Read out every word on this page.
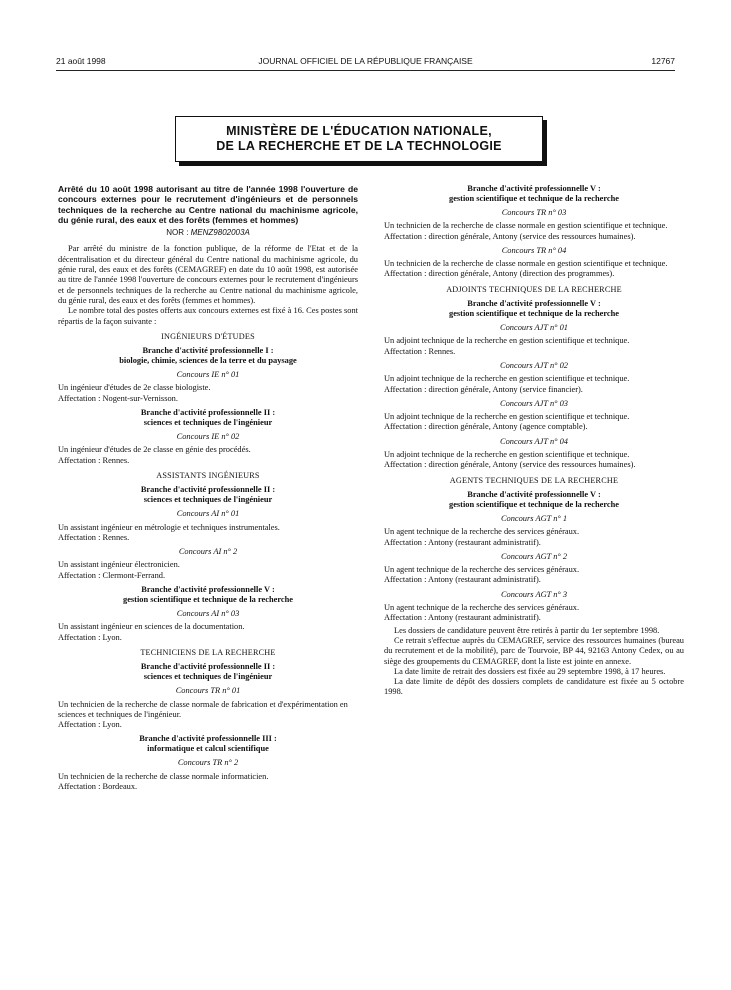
21 août 1998	JOURNAL OFFICIEL DE LA RÉPUBLIQUE FRANÇAISE	12767
MINISTÈRE DE L'ÉDUCATION NATIONALE,
DE LA RECHERCHE ET DE LA TECHNOLOGIE

Arrêté du 10 août 1998 autorisant au titre de l'année 1998 l'ouverture de concours externes pour le recrutement d'ingénieurs et de personnels techniques de la recherche au Centre national du machinisme agricole, du génie rural, des eaux et des forêts (femmes et hommes)

NOR : MENZ9802003A

Par arrêté du ministre de la fonction publique, de la réforme de l'Etat et de la décentralisation et du directeur général du Centre national du machinisme agricole, du génie rural, des eaux et des forêts (CEMAGREF) en date du 10 août 1998, est autorisée au titre de l'année 1998 l'ouverture de concours externes pour le recrutement d'ingénieurs et de personnels techniques de la recherche au Centre national du machinisme agricole, du génie rural, des eaux et des forêts (femmes et hommes).

Le nombre total des postes offerts aux concours externes est fixé à 16. Ces postes sont répartis de la façon suivante :

INGÉNIEURS D'ÉTUDES

Branche d'activité professionnelle I :
biologie, chimie, sciences de la terre et du paysage

Concours IE n° 01

Un ingénieur d'études de 2e classe biologiste.

Affectation : Nogent-sur-Vernisson.

Branche d'activité professionnelle II :
sciences et techniques de l'ingénieur

Concours IE n° 02

Un ingénieur d'études de 2e classe en génie des procédés.

Affectation : Rennes.

ASSISTANTS INGÉNIEURS

Branche d'activité professionnelle II :
sciences et techniques de l'ingénieur

Concours AI n° 01

Un assistant ingénieur en métrologie et techniques instrumentales.

Affectation : Rennes.

Concours AI n° 2

Un assistant ingénieur électronicien.

Affectation : Clermont-Ferrand.

Branche d'activité professionnelle V :
gestion scientifique et technique de la recherche

Concours AI n° 03

Un assistant ingénieur en sciences de la documentation.

Affectation : Lyon.

TECHNICIENS DE LA RECHERCHE

Branche d'activité professionnelle II :
sciences et techniques de l'ingénieur

Concours TR n° 01

Un technicien de la recherche de classe normale de fabrication et d'expérimentation en sciences et techniques de l'ingénieur.

Affectation : Lyon.

Branche d'activité professionnelle III :
informatique et calcul scientifique

Concours TR n° 2

Un technicien de la recherche de classe normale informaticien.

Affectation : Bordeaux.

Branche d'activité professionnelle V :
gestion scientifique et technique de la recherche

Concours TR n° 03

Un technicien de la recherche de classe normale en gestion scientifique et technique.

Affectation : direction générale, Antony (service des ressources humaines).

Concours TR n° 04

Un technicien de la recherche de classe normale en gestion scientifique et technique.

Affectation : direction générale, Antony (direction des programmes).

ADJOINTS TECHNIQUES DE LA RECHERCHE

Branche d'activité professionnelle V :
gestion scientifique et technique de la recherche

Concours AJT n° 01

Un adjoint technique de la recherche en gestion scientifique et technique.

Affectation : Rennes.

Concours AJT n° 02

Un adjoint technique de la recherche en gestion scientifique et technique.

Affectation : direction générale, Antony (service financier).

Concours AJT n° 03

Un adjoint technique de la recherche en gestion scientifique et technique.

Affectation : direction générale, Antony (agence comptable).

Concours AJT n° 04

Un adjoint technique de la recherche en gestion scientifique et technique.

Affectation : direction générale, Antony (service des ressources humaines).

AGENTS TECHNIQUES DE LA RECHERCHE

Branche d'activité professionnelle V :
gestion scientifique et technique de la recherche

Concours AGT n° 1

Un agent technique de la recherche des services généraux.

Affectation : Antony (restaurant administratif).

Concours AGT n° 2

Un agent technique de la recherche des services généraux.

Affectation : Antony (restaurant administratif).

Concours AGT n° 3

Un agent technique de la recherche des services généraux.

Affectation : Antony (restaurant administratif).

Les dossiers de candidature peuvent être retirés à partir du 1er septembre 1998.

Ce retrait s'effectue auprès du CEMAGREF, service des ressources humaines (bureau du recrutement et de la mobilité), parc de Tourvoie, BP 44, 92163 Antony Cedex, ou au siège des groupements du CEMAGREF, dont la liste est jointe en annexe.

La date limite de retrait des dossiers est fixée au 29 septembre 1998, à 17 heures.

La date limite de dépôt des dossiers complets de candidature est fixée au 5 octobre 1998.
